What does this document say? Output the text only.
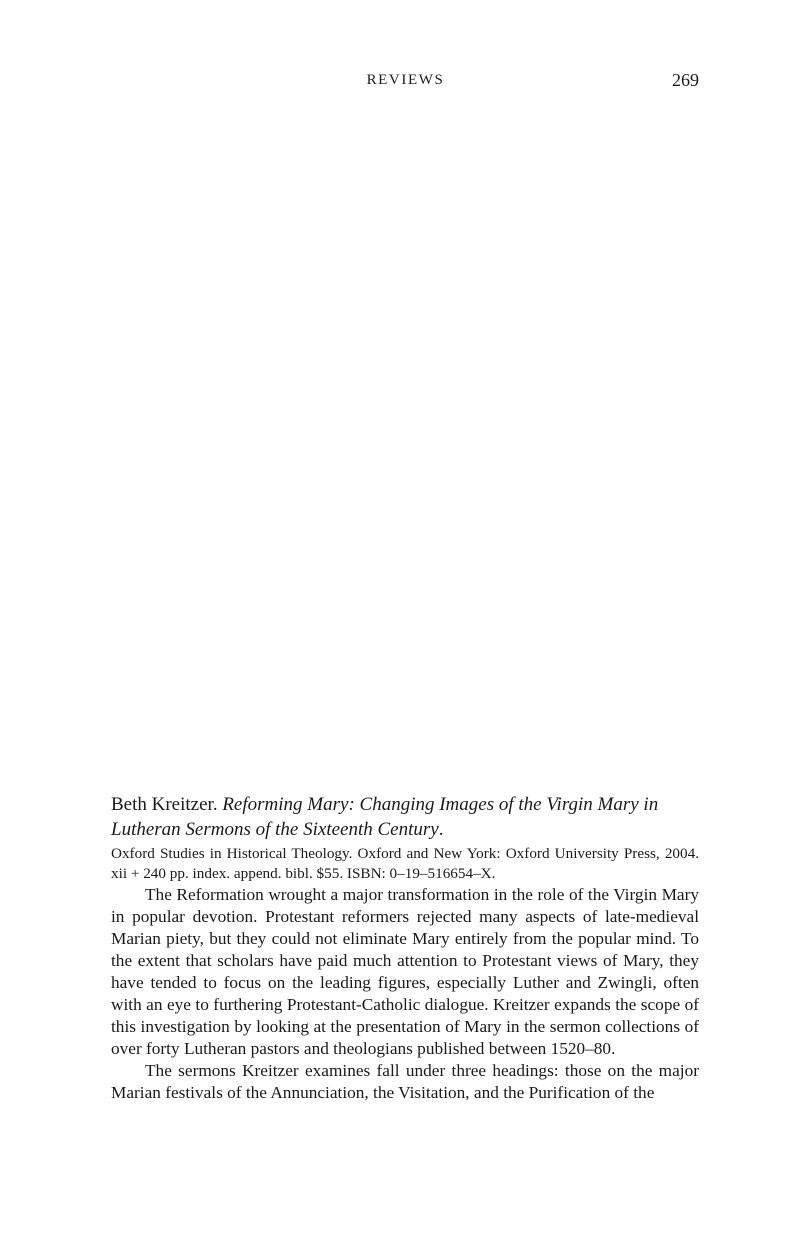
REVIEWS	269

Beth Kreitzer. Reforming Mary: Changing Images of the Virgin Mary in Lutheran Sermons of the Sixteenth Century.

Oxford Studies in Historical Theology. Oxford and New York: Oxford University Press, 2004. xii + 240 pp. index. append. bibl. $55. ISBN: 0–19–516654–X.

The Reformation wrought a major transformation in the role of the Virgin Mary in popular devotion. Protestant reformers rejected many aspects of late-medieval Marian piety, but they could not eliminate Mary entirely from the popular mind. To the extent that scholars have paid much attention to Protestant views of Mary, they have tended to focus on the leading figures, especially Luther and Zwingli, often with an eye to furthering Protestant-Catholic dialogue. Kreitzer expands the scope of this investigation by looking at the presentation of Mary in the sermon collections of over forty Lutheran pastors and theologians published between 1520–80.

The sermons Kreitzer examines fall under three headings: those on the major Marian festivals of the Annunciation, the Visitation, and the Purification of the
